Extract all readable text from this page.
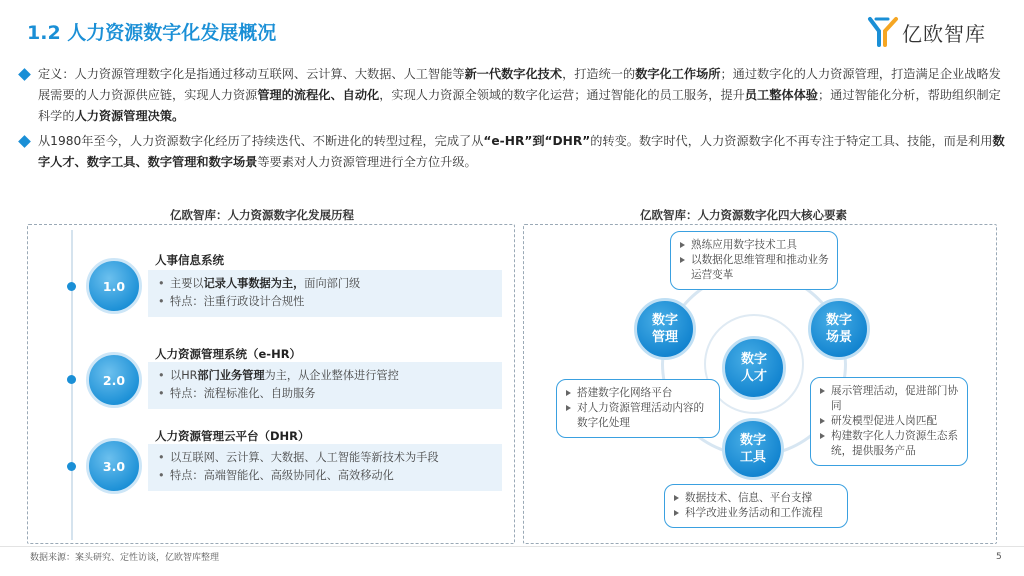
1.2 人力资源数字化发展概况	亿欧智库
定义：人力资源管理数字化是指通过移动互联网、云计算、大数据、人工智能等新一代数字化技术，打造统一的数字化工作场所；通过数字化的人力资源管理，打造满足企业战略发展需要的人力资源供应链，实现人力资源管理的流程化、自动化，实现人力资源全领域的数字化运营；通过智能化的员工服务，提升员工整体体验；通过智能化分析，帮助组织制定科学的人力资源管理决策。
从1980年至今，人力资源数字化经历了持续迭代、不断进化的转型过程，完成了从“e-HR”到“DHR”的转变。数字时代，人力资源数字化不再专注于特定工具、技能，而是利用数字人才、数字工具、数字管理和数字场景等要素对人力资源管理进行全方位升级。
亿欧智库：人力资源数字化发展历程
1.0
人事信息系统
• 主要以记录人事数据为主，面向部门级
• 特点：注重行政设计合规性
2.0
人力资源管理系统（e-HR）
• 以HR部门业务管理为主，从企业整体进行管控
• 特点：流程标准化、自助服务
3.0
人力资源管理云平台（DHR）
• 以互联网、云计算、大数据、人工智能等新技术为手段
• 特点：高端智能化、高级协同化、高效移动化
亿欧智库：人力资源数字化四大核心要素
熟练应用数字技术工具
以数据化思维管理和推动业务运营变革
搭建数字化网络平台
对人力资源管理活动内容的数字化处理
展示管理活动，促进部门协同
研发模型促进人岗匹配
构建数字化人力资源生态系统，提供服务产品
数据技术、信息、平台支撑
科学改进业务活动和工作流程
数字
管理
数字
场景
数字
人才
数字
工具
数据来源：案头研究、定性访谈，亿欧智库整理	5
